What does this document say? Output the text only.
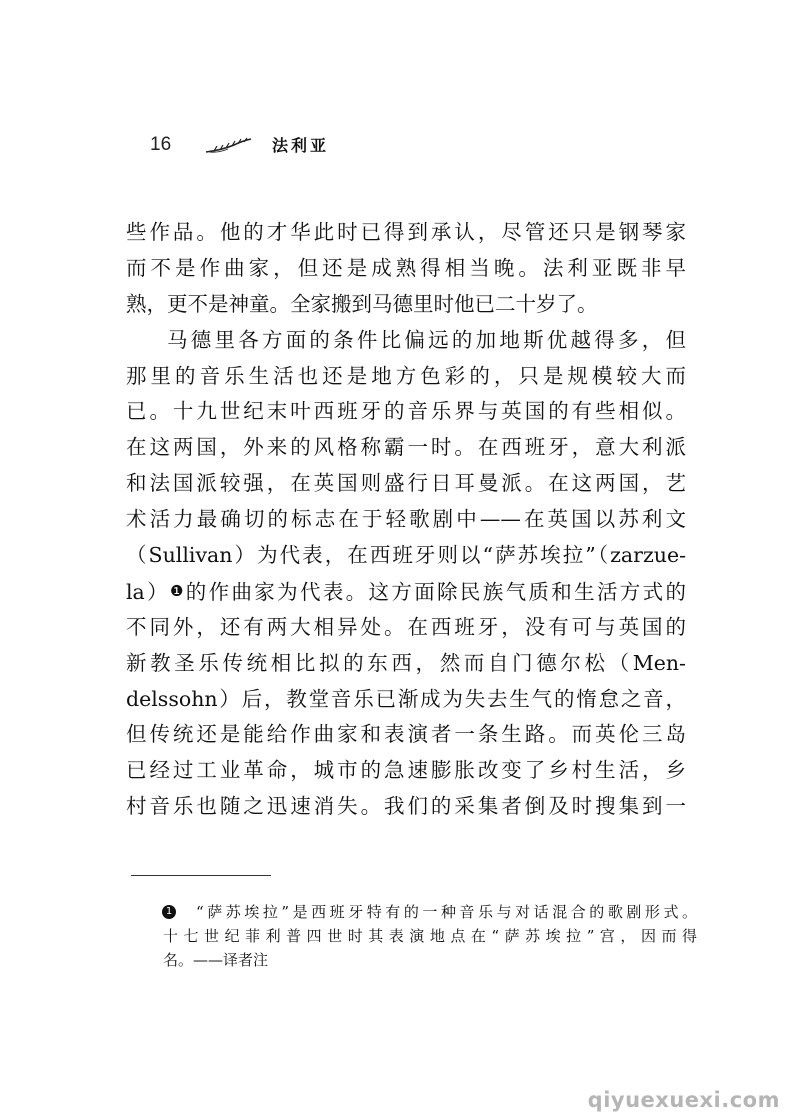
16	法利亚
些作品。他的才华此时已得到承认，尽管还只是钢琴家
而不是作曲家，但还是成熟得相当晚。法利亚既非早
熟，更不是神童。全家搬到马德里时他已二十岁了。
马德里各方面的条件比偏远的加地斯优越得多，但
那里的音乐生活也还是地方色彩的，只是规模较大而
已。十九世纪末叶西班牙的音乐界与英国的有些相似。
在这两国，外来的风格称霸一时。在西班牙，意大利派
和法国派较强，在英国则盛行日耳曼派。在这两国，艺
术活力最确切的标志在于轻歌剧中——在英国以苏利文
（Sullivan）为代表，在西班牙则以“萨苏埃拉”（zarzue-
la）❶的作曲家为代表。这方面除民族气质和生活方式的
不同外，还有两大相异处。在西班牙，没有可与英国的
新教圣乐传统相比拟的东西，然而自门德尔松（Men-
delssohn）后，教堂音乐已渐成为失去生气的惰怠之音，
但传统还是能给作曲家和表演者一条生路。而英伦三岛
已经过工业革命，城市的急速膨胀改变了乡村生活，乡
村音乐也随之迅速消失。我们的采集者倒及时搜集到一
1	“萨苏埃拉”是西班牙特有的一种音乐与对话混合的歌剧形式。
十七世纪菲利普四世时其表演地点在“萨苏埃拉”宫，因而得
名。——译者注
qiyuexuexi.com
